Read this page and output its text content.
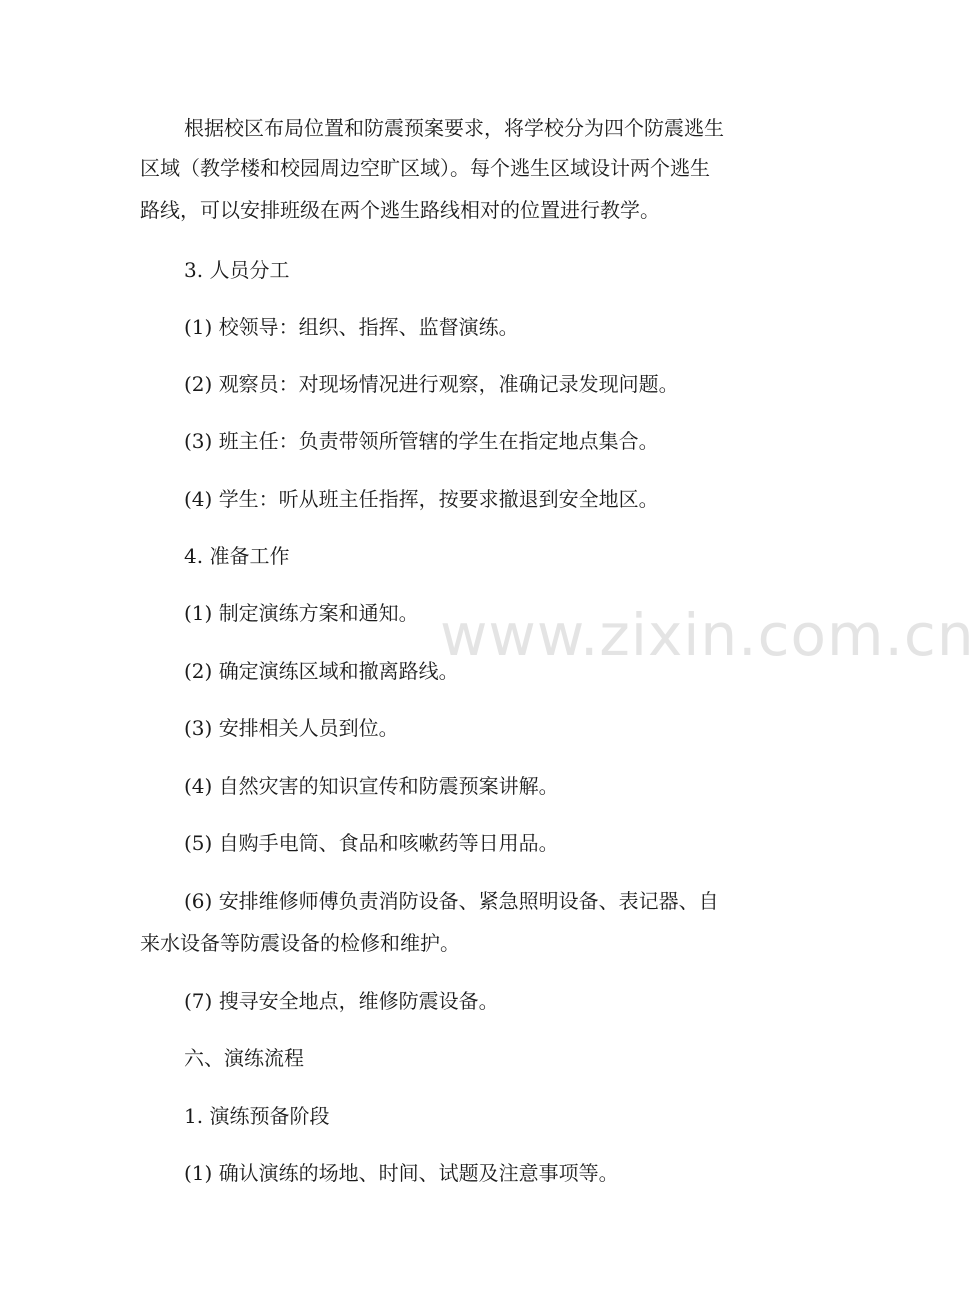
www.zixin.com.cn
根据校区布局位置和防震预案要求，将学校分为四个防震逃生
区域（教学楼和校园周边空旷区域）。每个逃生区域设计两个逃生
路线，可以安排班级在两个逃生路线相对的位置进行教学。
3. 人员分工
(1) 校领导：组织、指挥、监督演练。
(2) 观察员：对现场情况进行观察，准确记录发现问题。
(3) 班主任：负责带领所管辖的学生在指定地点集合。
(4) 学生：听从班主任指挥，按要求撤退到安全地区。
4. 准备工作
(1) 制定演练方案和通知。
(2) 确定演练区域和撤离路线。
(3) 安排相关人员到位。
(4) 自然灾害的知识宣传和防震预案讲解。
(5) 自购手电筒、食品和咳嗽药等日用品。
(6) 安排维修师傅负责消防设备、紧急照明设备、表记器、自
来水设备等防震设备的检修和维护。
(7) 搜寻安全地点，维修防震设备。
六、演练流程
1. 演练预备阶段
(1) 确认演练的场地、时间、试题及注意事项等。
